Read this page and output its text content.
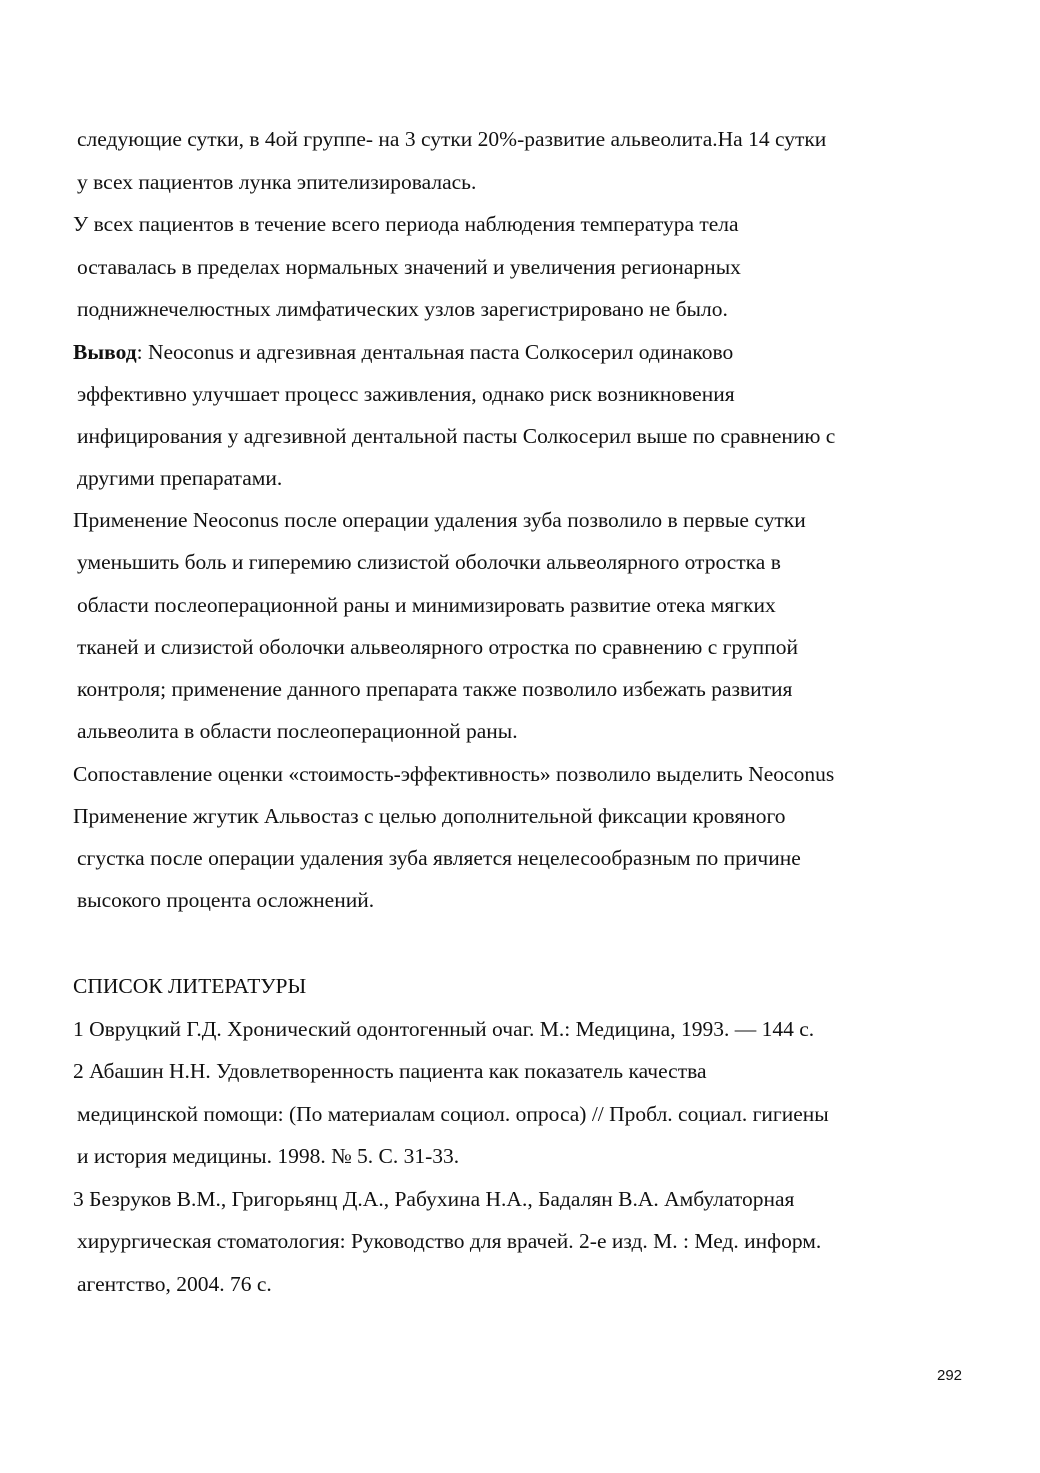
следующие сутки, в 4ой группе- на 3 сутки 20%-развитие альвеолита.На 14 сутки
у всех пациентов лунка эпителизировалась.
У всех пациентов в течение всего периода наблюдения температура тела
оставалась в пределах нормальных значений и увеличения регионарных
поднижнечелюстных лимфатических узлов зарегистрировано не было.
Вывод: Neoconus и адгезивная дентальная паста Солкосерил одинаково
эффективно улучшает процесс заживления, однако риск возникновения
инфицирования у адгезивной дентальной пасты Солкосерил выше по сравнению с
другими препаратами.
Применение Neoconus после операции удаления зуба позволило в первые сутки
уменьшить боль и гиперемию слизистой оболочки альвеолярного отростка в
области послеоперационной раны и минимизировать развитие отека мягких
тканей и слизистой оболочки альвеолярного отростка по сравнению с группой
контроля; применение данного препарата также позволило избежать развития
альвеолита в области послеоперационной раны.
Сопоставление оценки «стоимость-эффективность» позволило выделить Neoconus
Применение жгутик Альвостаз с целью дополнительной фиксации кровяного
сгустка после операции удаления зуба является нецелесообразным по причине
высокого процента осложнений.
СПИСОК ЛИТЕРАТУРЫ
1 Овруцкий Г.Д. Хронический одонтогенный очаг. М.: Медицина, 1993. — 144 с.
2 Абашин Н.Н. Удовлетворенность пациента как показатель качества
медицинской помощи: (По материалам социол. опроса) // Пробл. социал. гигиены
и история медицины. 1998. № 5. С. 31-33.
3 Безруков В.М., Григорьянц Д.А., Рабухина Н.А., Бадалян В.А. Амбулаторная
хирургическая стоматология: Руководство для врачей. 2-е изд. М. : Мед. информ.
агентство, 2004. 76 с.
292
